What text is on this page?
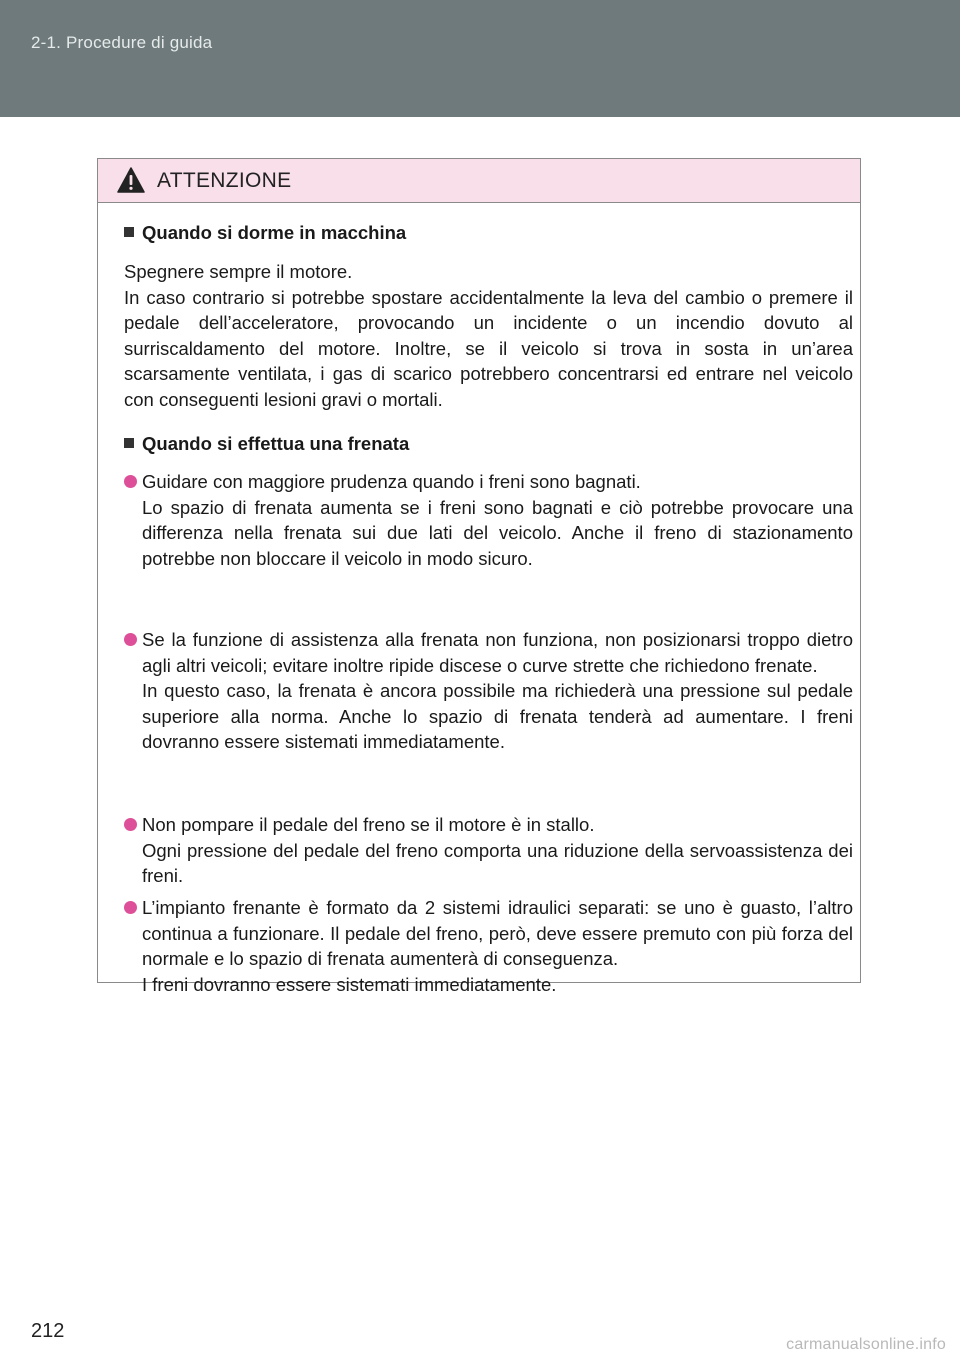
2-1. Procedure di guida
ATTENZIONE
Quando si dorme in macchina
Spegnere sempre il motore.
In caso contrario si potrebbe spostare accidentalmente la leva del cambio o premere il pedale dell’acceleratore, provocando un incidente o un incendio dovuto al surriscaldamento del motore. Inoltre, se il veicolo si trova in sosta in un’area scarsamente ventilata, i gas di scarico potrebbero concentrarsi ed entrare nel veicolo con conseguenti lesioni gravi o mortali.
Quando si effettua una frenata
Guidare con maggiore prudenza quando i freni sono bagnati.
Lo spazio di frenata aumenta se i freni sono bagnati e ciò potrebbe provocare una differenza nella frenata sui due lati del veicolo. Anche il freno di stazionamento potrebbe non bloccare il veicolo in modo sicuro.
Se la funzione di assistenza alla frenata non funziona, non posizionarsi troppo dietro agli altri veicoli; evitare inoltre ripide discese o curve strette che richiedono frenate.
In questo caso, la frenata è ancora possibile ma richiederà una pressione sul pedale superiore alla norma. Anche lo spazio di frenata tenderà ad aumentare. I freni dovranno essere sistemati immediatamente.
Non pompare il pedale del freno se il motore è in stallo.
Ogni pressione del pedale del freno comporta una riduzione della servoassistenza dei freni.
L’impianto frenante è formato da 2 sistemi idraulici separati: se uno è guasto, l’altro continua a funzionare. Il pedale del freno, però, deve essere premuto con più forza del normale e lo spazio di frenata aumenterà di conseguenza.
I freni dovranno essere sistemati immediatamente.
212
carmanualsonline.info
